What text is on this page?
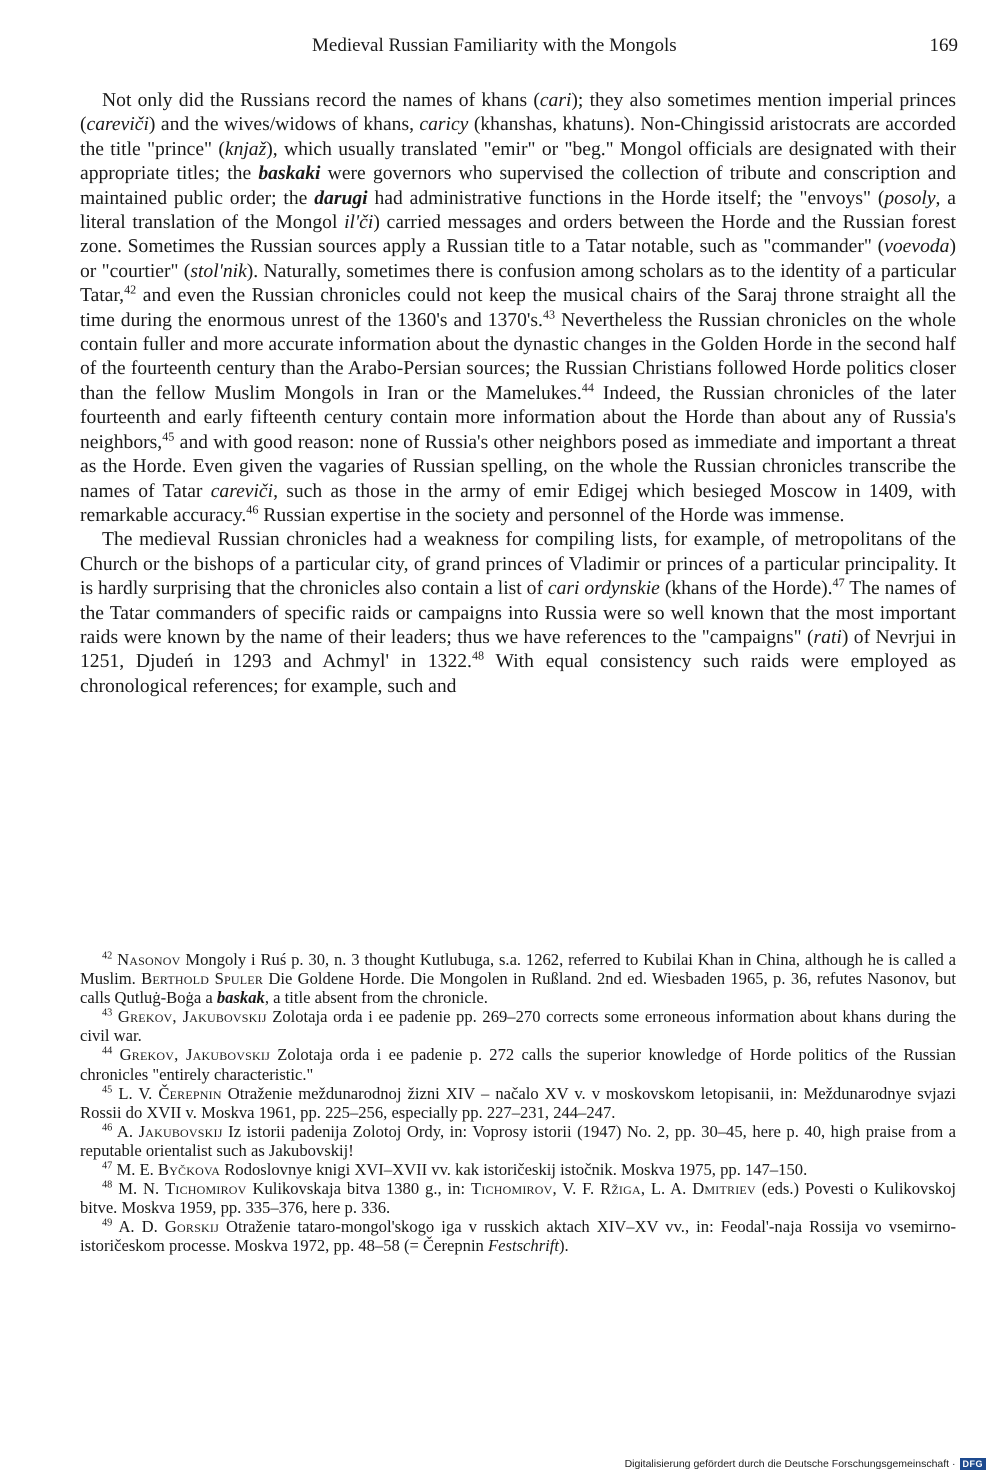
Medieval Russian Familiarity with the Mongols	169

Not only did the Russians record the names of khans (cari); they also sometimes mention imperial princes (careviči) and the wives/widows of khans, caricy (khanshas, khatuns). Non-Chingissid aristocrats are accorded the title "prince" (knjaž), which usually translated "emir" or "beg." Mongol officials are designated with their appropriate titles; the baskaki were governors who supervised the collection of tribute and conscription and maintained public order; the darugi had administrative functions in the Horde itself; the "envoys" (posoly, a literal translation of the Mongol il'či) carried messages and orders between the Horde and the Russian forest zone. Sometimes the Russian sources apply a Russian title to a Tatar notable, such as "commander" (voevoda) or "courtier" (stol'nik). Naturally, sometimes there is confusion among scholars as to the identity of a particular Tatar,$^{42}$ and even the Russian chronicles could not keep the musical chairs of the Saraj throne straight all the time during the enormous unrest of the 1360's and 1370's.$^{43}$ Nevertheless the Russian chronicles on the whole contain fuller and more accurate information about the dynastic changes in the Golden Horde in the second half of the fourteenth century than the Arabo-Persian sources; the Russian Christians followed Horde politics closer than the fellow Muslim Mongols in Iran or the Mamelukes.$^{44}$ Indeed, the Russian chronicles of the later fourteenth and early fifteenth century contain more information about the Horde than about any of Russia's neighbors,$^{45}$ and with good reason: none of Russia's other neighbors posed as immediate and important a threat as the Horde. Even given the vagaries of Russian spelling, on the whole the Russian chronicles transcribe the names of Tatar careviči, such as those in the army of emir Edigej which besieged Moscow in 1409, with remarkable accuracy.$^{46}$ Russian expertise in the society and personnel of the Horde was immense.

The medieval Russian chronicles had a weakness for compiling lists, for example, of metropolitans of the Church or the bishops of a particular city, of grand princes of Vladimir or princes of a particular principality. It is hardly surprising that the chronicles also contain a list of cari ordynskie (khans of the Horde).$^{47}$ The names of the Tatar commanders of specific raids or campaigns into Russia were so well known that the most important raids were known by the name of their leaders; thus we have references to the "campaigns" (rati) of Nevrjui in 1251, Djudeń in 1293 and Achmyl' in 1322.48 With equal consistency such raids were employed as chronological references; for example, such and

$^{42}$ Nasonov Mongoly i Ruś p. 30, n. 3 thought Kutlubuga, s.a. 1262, referred to Kubilai Khan in China, although he is called a Muslim. Berthold Spuler Die Goldene Horde. Die Mongolen in Rußland. 2nd ed. Wiesbaden 1965, p. 36, refutes Nasonov, but calls Qutluġ-Boġa a baskak, a title absent from the chronicle.

$^{43}$ Grekov, Jakubovskij Zolotaja orda i ee padenie pp. 269–270 corrects some erroneous information about khans during the civil war.

$^{44}$ Grekov, Jakubovskij Zolotaja orda i ee padenie p. 272 calls the superior knowledge of Horde politics of the Russian chronicles "entirely characteristic."

$^{45}$ L. V. Čerepnin Otraženie meždunarodnoj žizni XIV – načalo XV v. v moskovskom letopisanii, in: Meždunarodnye svjazi Rossii do XVII v. Moskva 1961, pp. 225–256, especially pp. 227–231, 244–247.

$^{46}$ A. Jakubovskij Iz istorii padenija Zolotoj Ordy, in: Voprosy istorii (1947) No. 2, pp. 30–45, here p. 40, high praise from a reputable orientalist such as Jakubovskij!

$^{47}$ M. E. Byčkova Rodoslovnye knigi XVI–XVII vv. kak istoričeskij istočnik. Moskva 1975, pp. 147–150.

$^{48}$ M. N. Tichomirov Kulikovskaja bitva 1380 g., in: Tichomirov, V. F. Ržiga, L. A. Dmitriev (eds.) Povesti o Kulikovskoj bitve. Moskva 1959, pp. 335–376, here p. 336.

$^{49}$ A. D. Gorskij Otraženie tataro-mongol'skogo iga v russkich aktach XIV–XV vv., in: Feodal'-naja Rossija vo vsemirno-istoričeskom processe. Moskva 1972, pp. 48–58 (= Čerepnin Festschrift).

Digitalisierung gefördert durch die Deutsche Forschungsgemeinschaft · DFG
